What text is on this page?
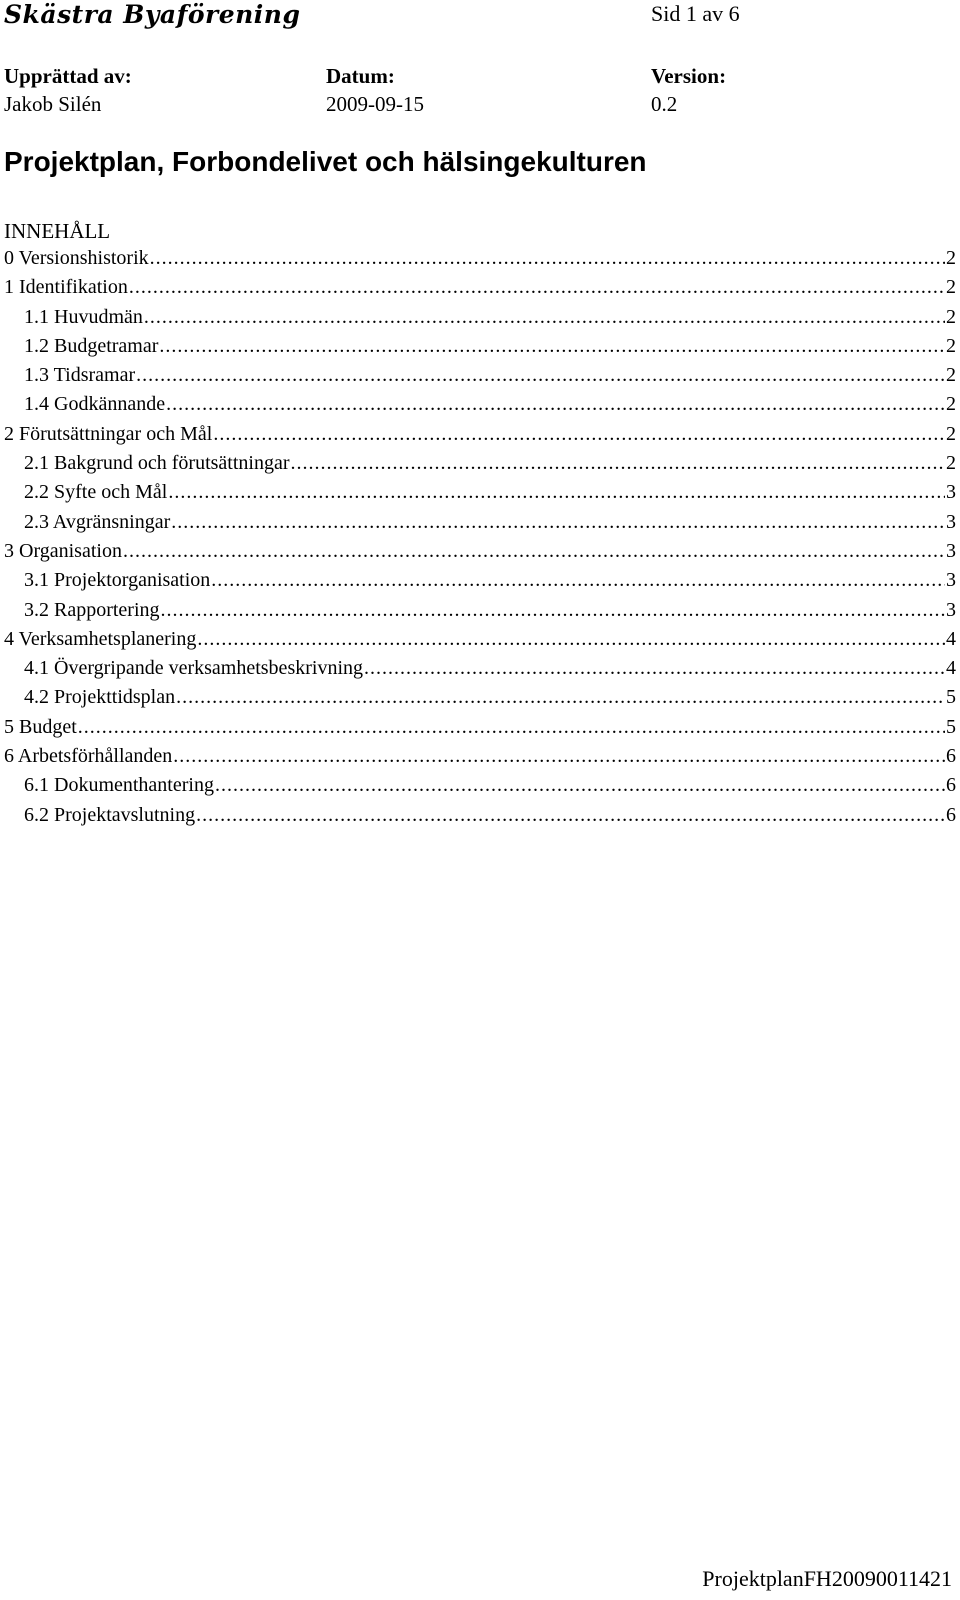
Skästra Byaförening	Sid 1 av 6
Upprättad av:
Jakob Silén
Datum:
2009-09-15
Version:
0.2
Projektplan, Forbondelivet och hälsingekulturen
INNEHÅLL
0 Versionshistorik .....	2
1 Identifikation .....	2
1.1 Huvudmän .....	2
1.2 Budgetramar .....	2
1.3 Tidsramar .....	2
1.4 Godkännande .....	2
2 Förutsättningar och Mål .....	2
2.1 Bakgrund och förutsättningar .....	2
2.2 Syfte och Mål .....	3
2.3 Avgränsningar .....	3
3 Organisation .....	3
3.1 Projektorganisation .....	3
3.2 Rapportering .....	3
4 Verksamhetsplanering .....	4
4.1 Övergripande verksamhetsbeskrivning .....	4
4.2 Projekttidsplan .....	5
5 Budget .....	5
6 Arbetsförhållanden .....	6
6.1 Dokumenthantering .....	6
6.2 Projektavslutning .....	6
ProjektplanFH20090011421
